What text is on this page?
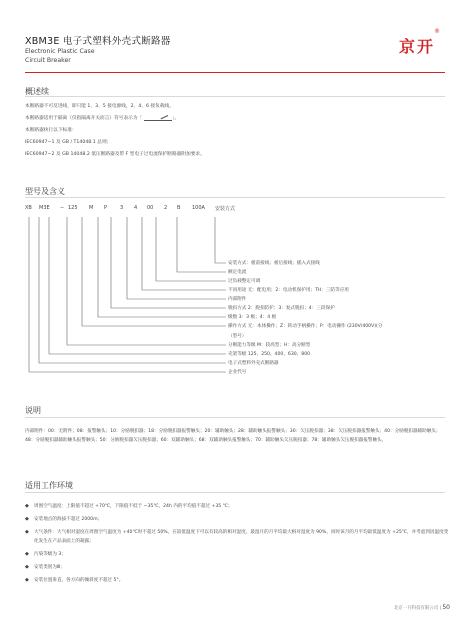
XBM3E 电子式塑料外壳式断路器
Electronic Plastic Case
Circuit Breaker
京开
®
概述续
本断路器不可反进线，即只能 1、3、5 接电源线，2、4、6 接负载线。
本断路器适用于隔离（仅指隔离开关而言）符号表示为「	」。
本断路器执行以下标准：
IEC60947−1 及 GB / T14048.1 总则；
IEC60947−2 及 GB 14048.2 低压断路器及带 F 型电子过电流保护断路器附加要求。
型号及含义
XB M3E − 125 M P	3 4 00 2 B 100A 安装方式
安装方式：板前接线；板后接线；插入式接线
额定电流
过负载整定可调
不同用途 无：配电用；2：电动机保护用；TH：三防等应用
内部附件
脱扣方式 2：脱扣防护；3：复式脱扣；4：三段保护
级数 3：3 极；4：4 极
操作方式 无：本体操作；Z：转动手柄操作；P：电动操作 (230V/400V)(分
（型号）
分断能力等级 M：较高型；H：高分断型
壳架等级 125、250、400、630、800
电子式塑料外壳式断路器
企业代号
说明
内部附件：00：无附件；08：报警触头；10：分励脱扣器；18：分励脱扣器报警触头；20：辅助触头；28：辅助触头报警触头；30：欠压脱扣器；38：欠压脱扣器报警触头；40：分励脱扣器辅助触头；48：分励脱扣器辅助触头报警触头；50：分励脱扣器欠压脱扣器；60：双辅助触头；68：双辅助触头报警触头；70：辅助触头欠压脱扣器；78：辅助触头欠压脱扣器报警触头。
适用工作环境
◆ 周围空气温度：上限值不超过 +70℃，下限值不低于 −35℃，24h 内的平均值不超过 +35 ℃；
◆ 安装地点的海拔不超过 2000m；
◆ 大气条件：大气相对湿度在周围空气温度为 +40℃时不超过 50%，在较低温度下可以有较高的相对湿度，最湿月的月平均最大相对湿度为 90%，同时该月的月平均最低温度为 +25℃，并考虑到因温度变化发生在产品表面上的凝露；
◆ 污染等级为 3；
◆ 安装类别为Ⅲ；
◆ 安装位置垂直，各方向的倾斜度不超过 5°。
北京一开科技有限公司 | 50
